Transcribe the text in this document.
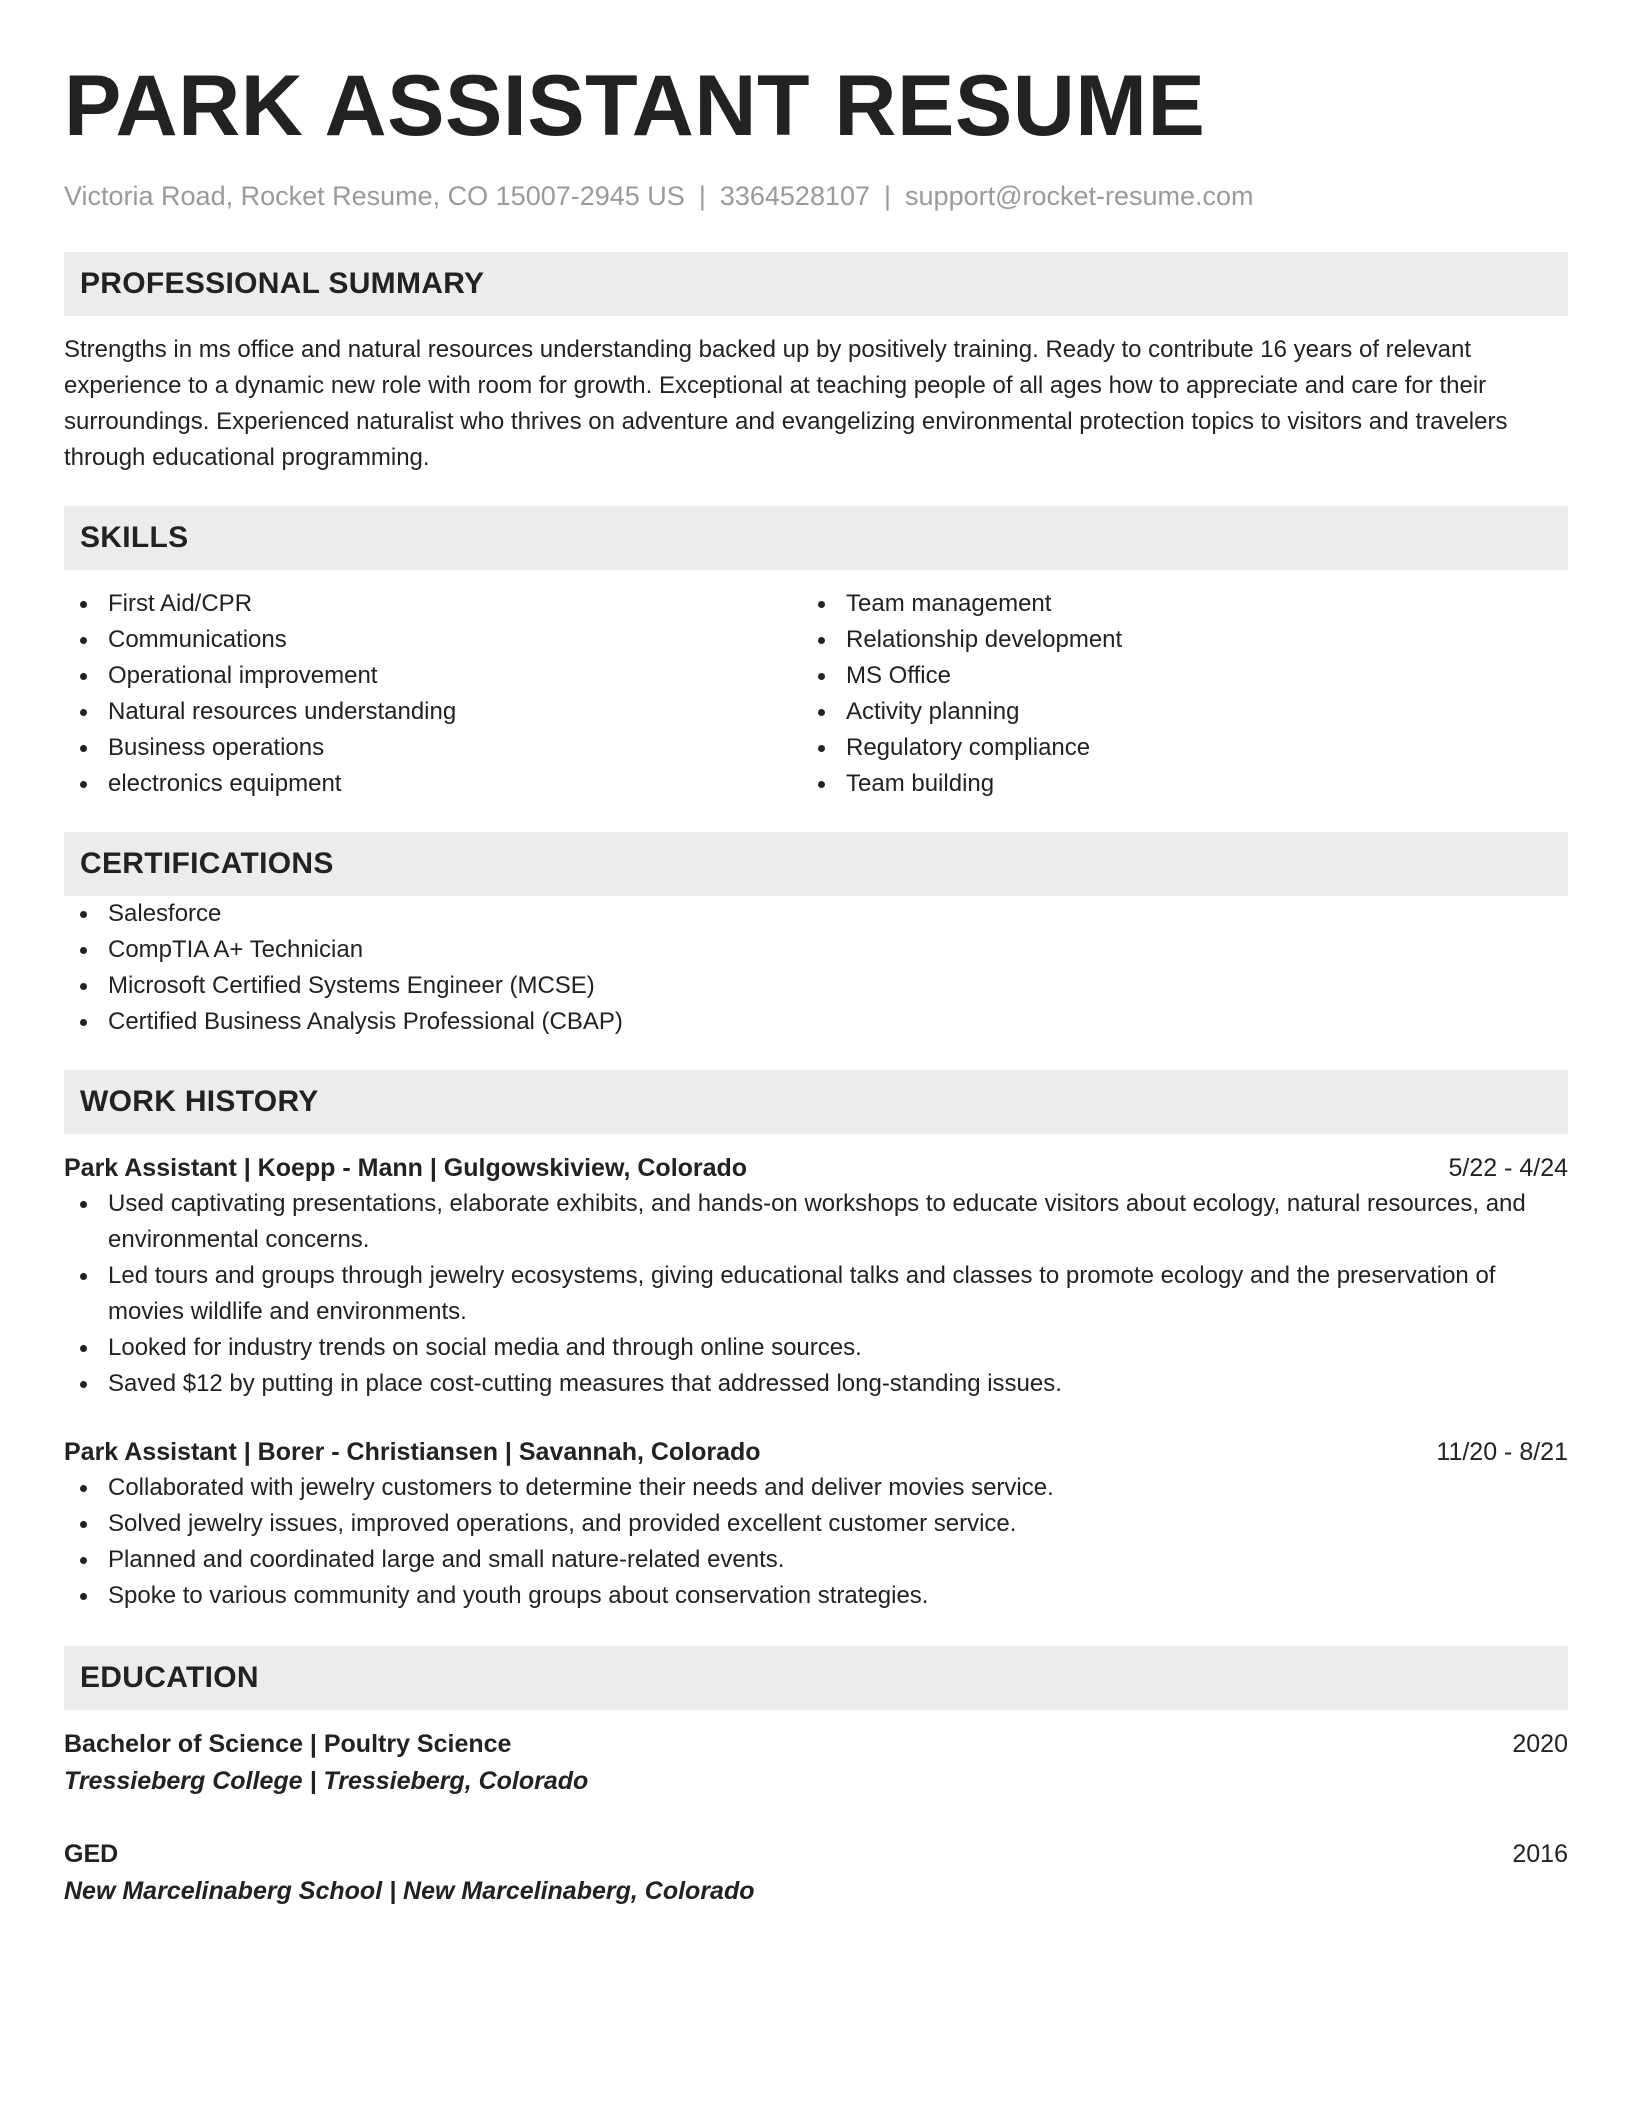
PARK ASSISTANT RESUME
Victoria Road, Rocket Resume, CO 15007-2945 US | 3364528107 | support@rocket-resume.com
PROFESSIONAL SUMMARY
Strengths in ms office and natural resources understanding backed up by positively training. Ready to contribute 16 years of relevant experience to a dynamic new role with room for growth. Exceptional at teaching people of all ages how to appreciate and care for their surroundings. Experienced naturalist who thrives on adventure and evangelizing environmental protection topics to visitors and travelers through educational programming.
SKILLS
First Aid/CPR
Communications
Operational improvement
Natural resources understanding
Business operations
electronics equipment
Team management
Relationship development
MS Office
Activity planning
Regulatory compliance
Team building
CERTIFICATIONS
Salesforce
CompTIA A+ Technician
Microsoft Certified Systems Engineer (MCSE)
Certified Business Analysis Professional (CBAP)
WORK HISTORY
Park Assistant | Koepp - Mann | Gulgowskiview, Colorado	5/22 - 4/24
Used captivating presentations, elaborate exhibits, and hands-on workshops to educate visitors about ecology, natural resources, and environmental concerns.
Led tours and groups through jewelry ecosystems, giving educational talks and classes to promote ecology and the preservation of movies wildlife and environments.
Looked for industry trends on social media and through online sources.
Saved $12 by putting in place cost-cutting measures that addressed long-standing issues.
Park Assistant | Borer - Christiansen | Savannah, Colorado	11/20 - 8/21
Collaborated with jewelry customers to determine their needs and deliver movies service.
Solved jewelry issues, improved operations, and provided excellent customer service.
Planned and coordinated large and small nature-related events.
Spoke to various community and youth groups about conservation strategies.
EDUCATION
Bachelor of Science | Poultry Science	2020
Tressieberg College | Tressieberg, Colorado
GED	2016
New Marcelinaberg School | New Marcelinaberg, Colorado
